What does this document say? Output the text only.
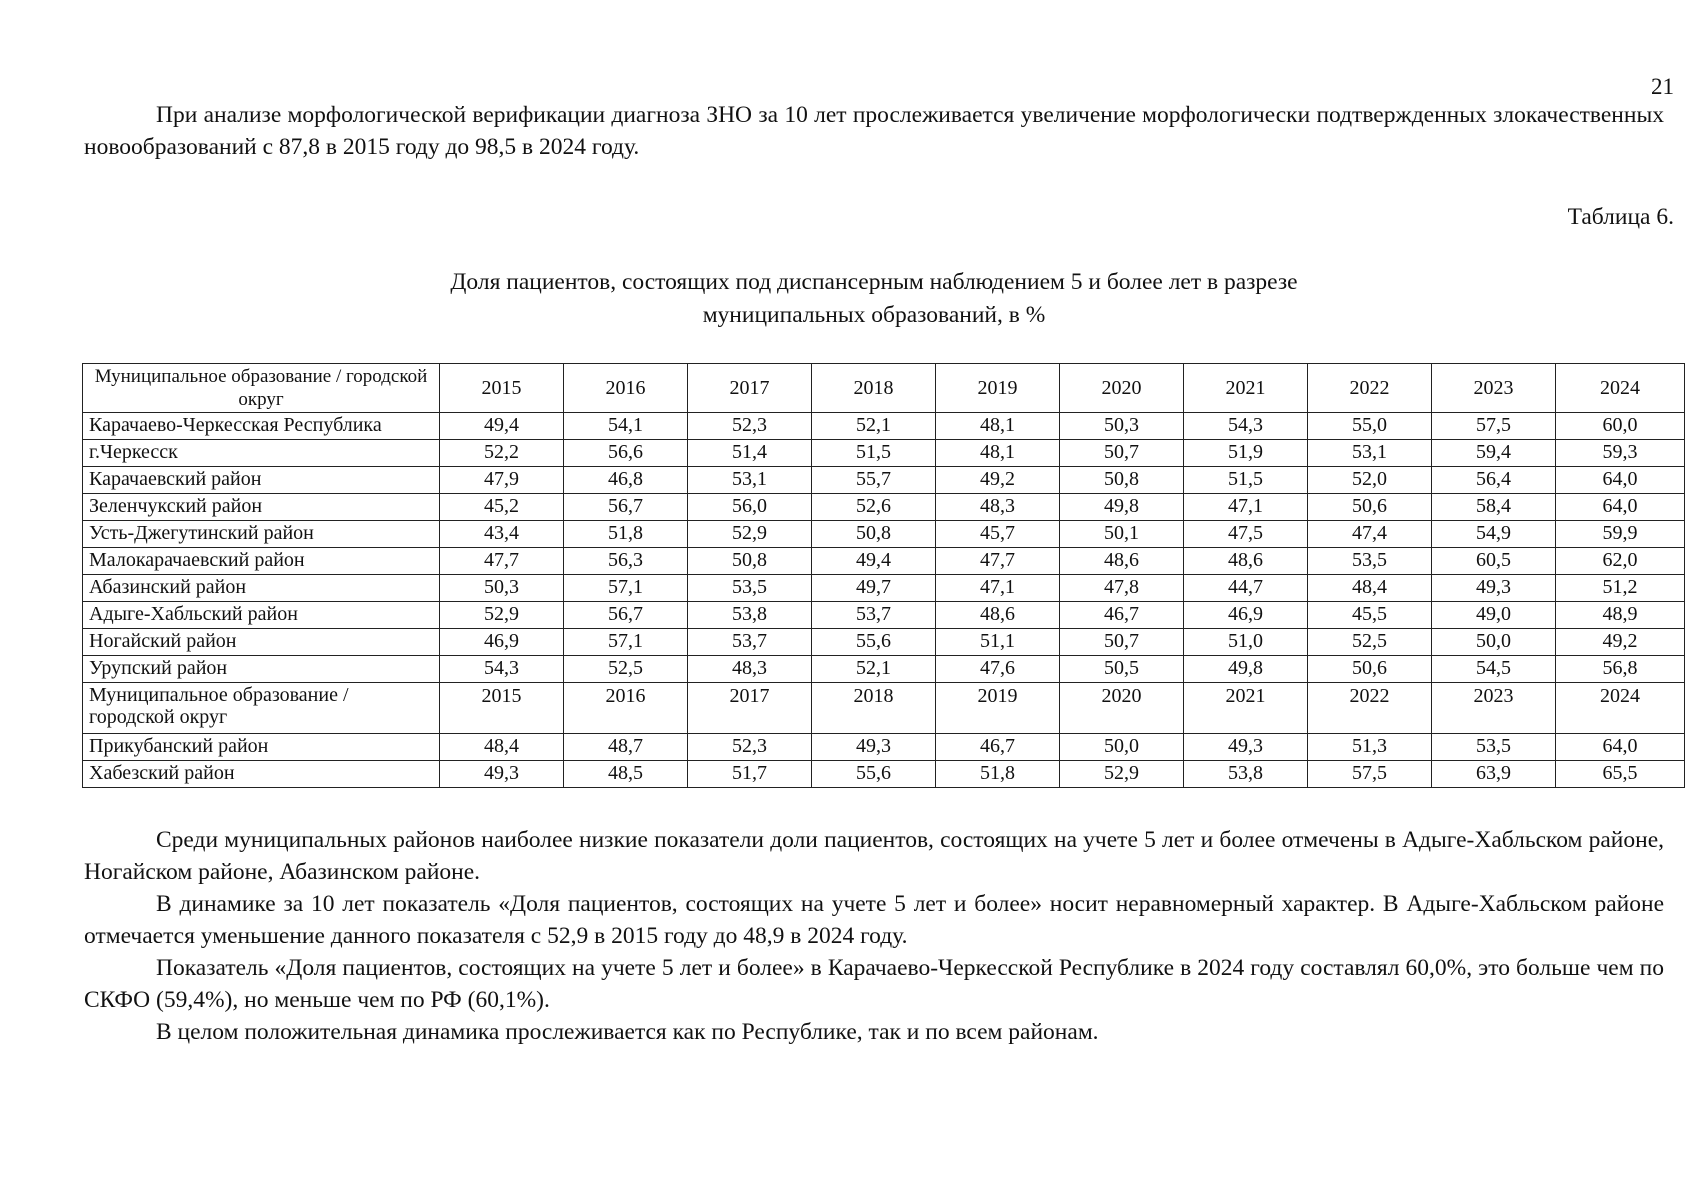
21

При анализе морфологической верификации диагноза ЗНО за 10 лет прослеживается увеличение морфологически подтвержденных злокачественных новообразований с 87,8 в 2015 году до 98,5 в 2024 году.

Таблица 6.
Доля пациентов, состоящих под диспансерным наблюдением 5 и более лет в разрезе
муниципальных образований, в %
Муниципальное образование / городской округ	2015	2016	2017	2018	2019	2020	2021	2022	2023	2024
Карачаево-Черкесская Республика	49,4	54,1	52,3	52,1	48,1	50,3	54,3	55,0	57,5	60,0
г.Черкесск	52,2	56,6	51,4	51,5	48,1	50,7	51,9	53,1	59,4	59,3
Карачаевский район	47,9	46,8	53,1	55,7	49,2	50,8	51,5	52,0	56,4	64,0
Зеленчукский район	45,2	56,7	56,0	52,6	48,3	49,8	47,1	50,6	58,4	64,0
Усть-Джегутинский район	43,4	51,8	52,9	50,8	45,7	50,1	47,5	47,4	54,9	59,9
Малокарачаевский район	47,7	56,3	50,8	49,4	47,7	48,6	48,6	53,5	60,5	62,0
Абазинский район	50,3	57,1	53,5	49,7	47,1	47,8	44,7	48,4	49,3	51,2
Адыге-Хабльский район	52,9	56,7	53,8	53,7	48,6	46,7	46,9	45,5	49,0	48,9
Ногайский район	46,9	57,1	53,7	55,6	51,1	50,7	51,0	52,5	50,0	49,2
Урупский район	54,3	52,5	48,3	52,1	47,6	50,5	49,8	50,6	54,5	56,8
Муниципальное образование / городской округ	2015	2016	2017	2018	2019	2020	2021	2022	2023	2024
Прикубанский район	48,4	48,7	52,3	49,3	46,7	50,0	49,3	51,3	53,5	64,0
Хабезский район	49,3	48,5	51,7	55,6	51,8	52,9	53,8	57,5	63,9	65,5

Среди муниципальных районов наиболее низкие показатели доли пациентов, состоящих на учете 5 лет и более отмечены в Адыге-Хабльском районе, Ногайском районе, Абазинском районе.

В динамике за 10 лет показатель «Доля пациентов, состоящих на учете 5 лет и более» носит неравномерный характер. В Адыге-Хабльском районе отмечается уменьшение данного показателя с 52,9 в 2015 году до 48,9 в 2024 году.

Показатель «Доля пациентов, состоящих на учете 5 лет и более» в Карачаево-Черкесской Республике в 2024 году составлял 60,0%, это больше чем по СКФО (59,4%), но меньше чем по РФ (60,1%).

В целом положительная динамика прослеживается как по Республике, так и по всем районам.
